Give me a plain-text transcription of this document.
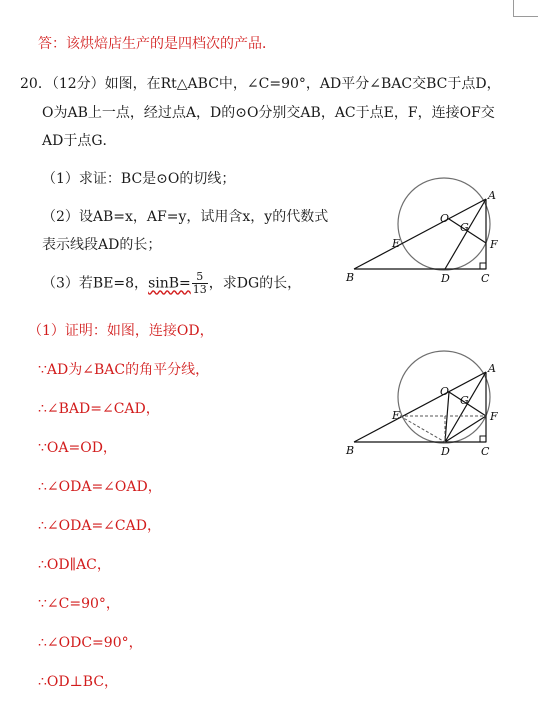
答：该烘焙店生产的是四档次的产品．
20．（12分）如图，在Rt△ABC中，∠C=90°，AD平分∠BAC交BC于点D，
O为AB上一点，经过点A，D的⊙O分别交AB，AC于点E，F，连接OF交
AD于点G．
（1）求证：BC是⊙O的切线；
（2）设AB=x，AF=y，试用含x，y的代数式
表示线段AD的长；
（3）若BE=8，$\sin B= \frac{5}{13}$ ，求DG的长，
A
B	C
D
E	F
G
O
（1）证明：如图，连接OD，
∵AD为∠BAC的角平分线，
∴∠BAD=∠CAD，
∵OA=OD，
∴∠ODA=∠OAD，
∴∠ODA=∠CAD，
∴OD∥AC，
∵∠C=90°，
∴∠ODC=90°，
∴OD⊥BC，
A
B	C
D
E	F
G
O
